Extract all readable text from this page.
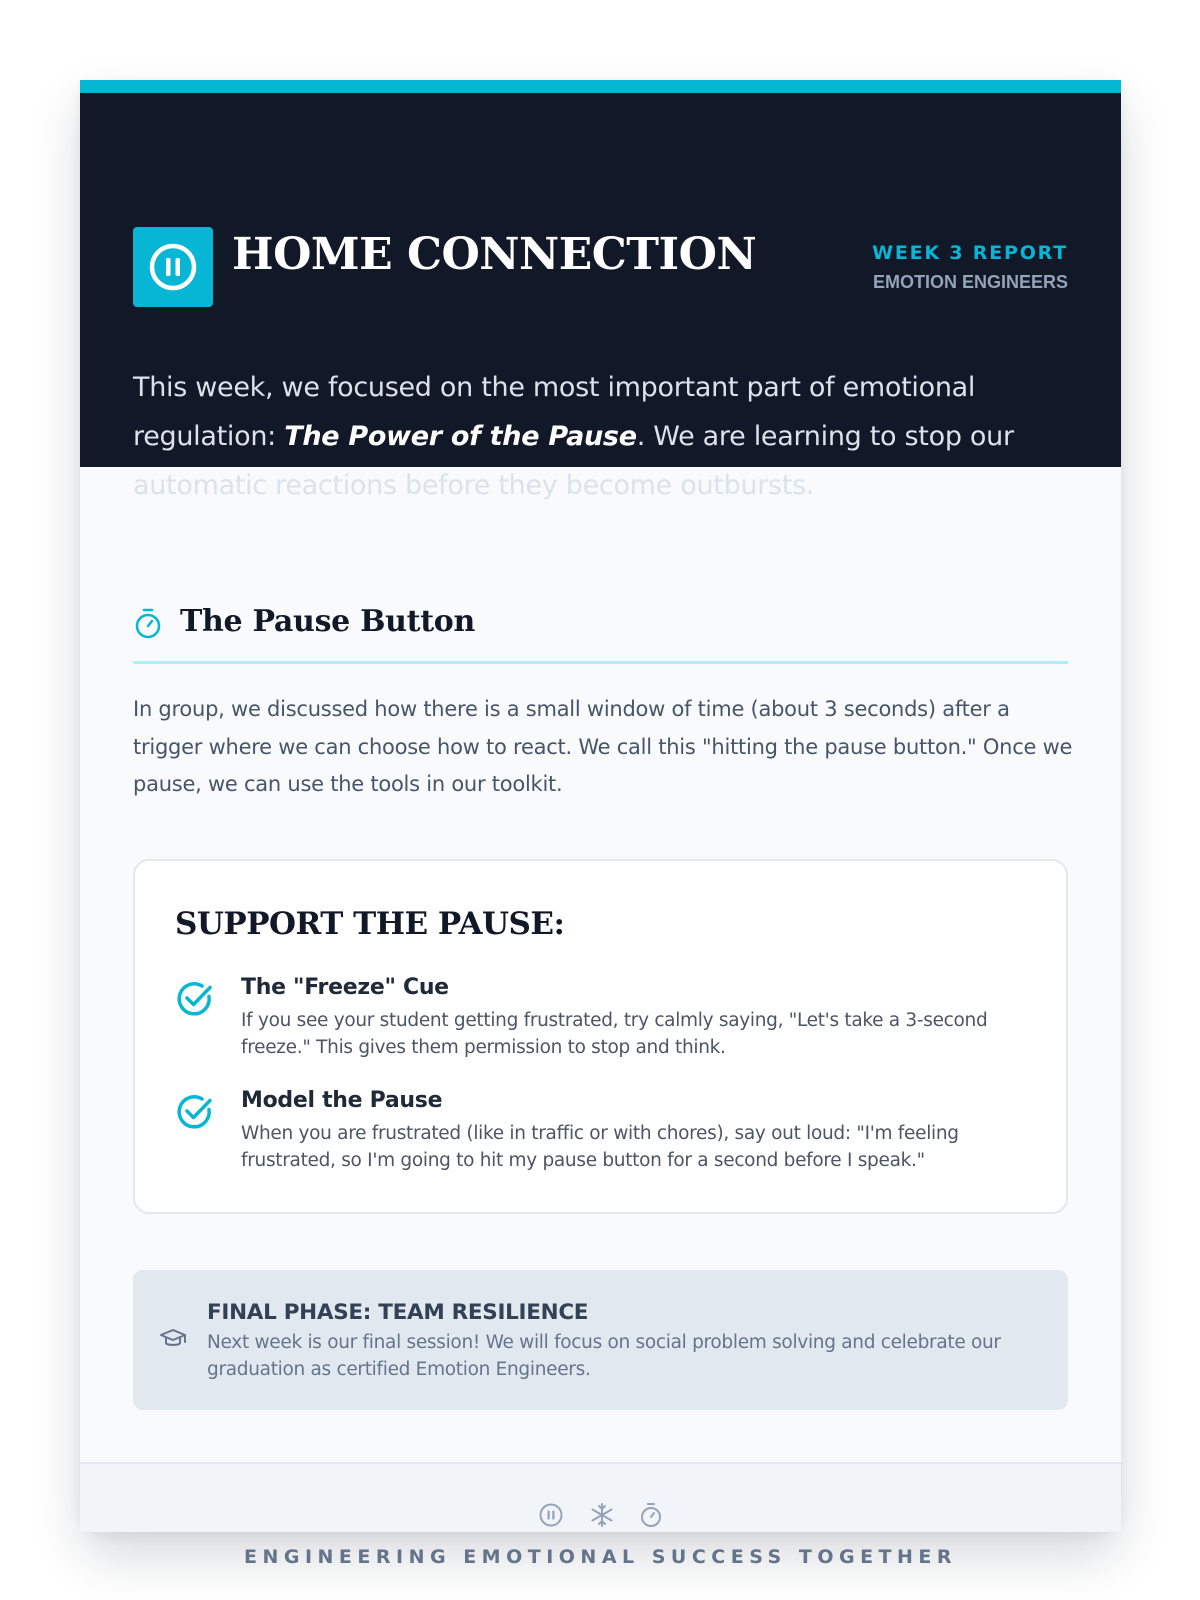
HOME CONNECTION	WEEK 3 REPORT
EMOTION ENGINEERS

This week, we focused on the most important part of emotional regulation: The Power of the Pause. We are learning to stop our automatic reactions before they become outbursts.

The Pause Button

In group, we discussed how there is a small window of time (about 3 seconds) after a trigger where we can choose how to react. We call this "hitting the pause button." Once we pause, we can use the tools in our toolkit.

SUPPORT THE PAUSE:
The "Freeze" Cue
If you see your student getting frustrated, try calmly saying, "Let's take a 3-second freeze." This gives them permission to stop and think.
Model the Pause
When you are frustrated (like in traffic or with chores), say out loud: "I'm feeling frustrated, so I'm going to hit my pause button for a second before I speak."
FINAL PHASE: TEAM RESILIENCE
Next week is our final session! We will focus on social problem solving and celebrate our graduation as certified Emotion Engineers.

ENGINEERING EMOTIONAL SUCCESS TOGETHER
